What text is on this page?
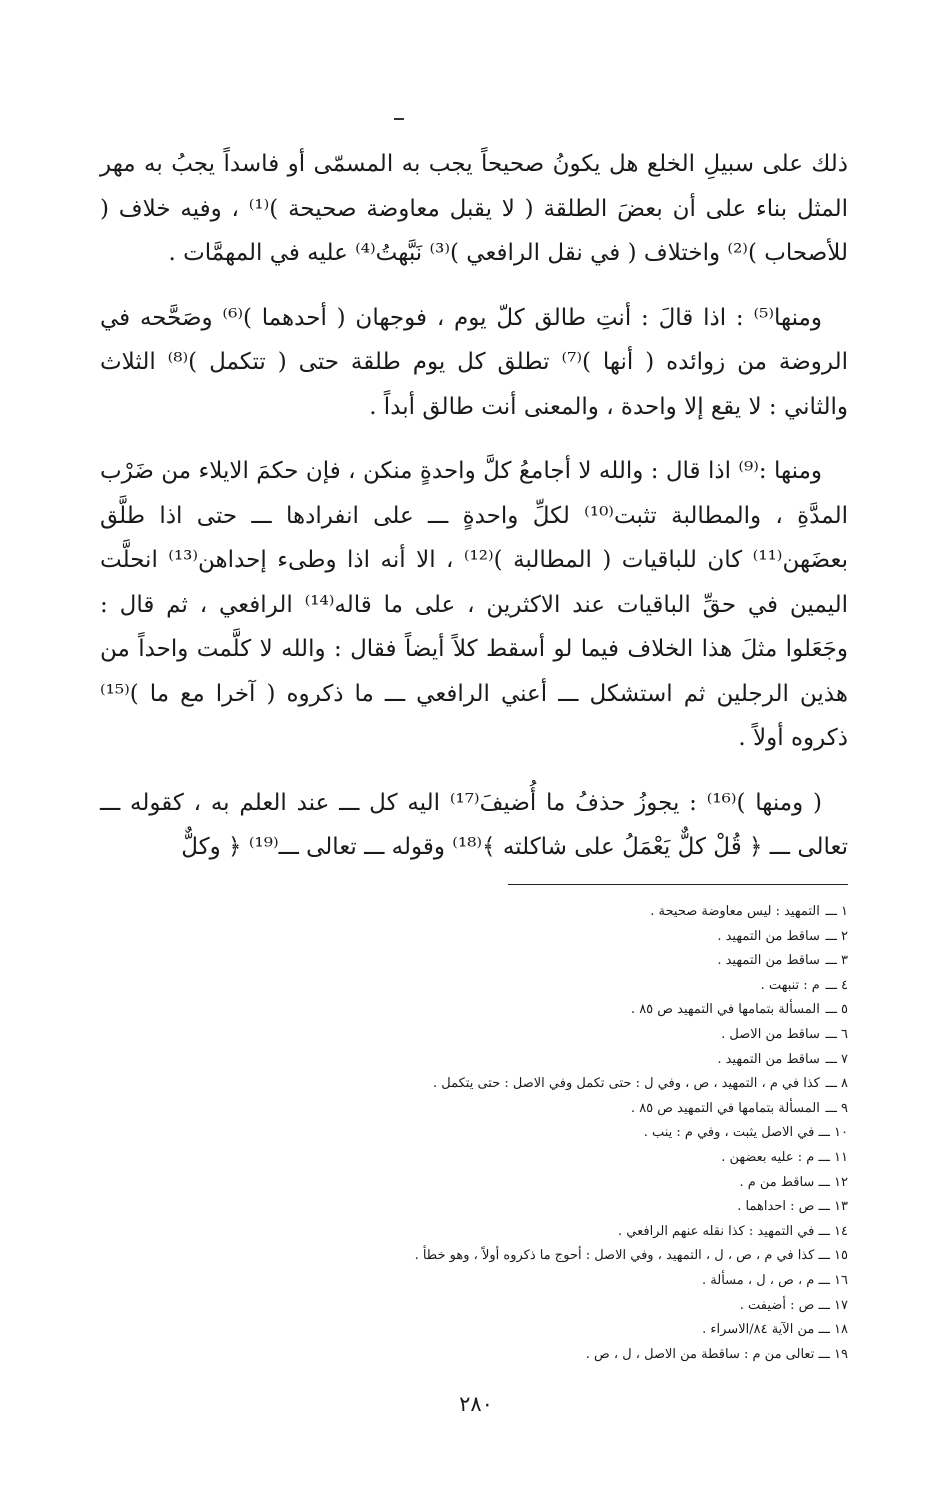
ذلك على سبيلِ الخلع هل يكونُ صحيحاً يجب به المسمّى أو فاسداً يجبُ به مهر المثل بناء على أن بعضَ الطلقة ( لا يقبل معاوضة صحيحة )⁽¹⁾ ، وفيه خلاف ( للأصحاب )⁽²⁾ واختلاف ( في نقل الرافعي )⁽³⁾ نَبَّهتُ⁽⁴⁾ عليه في المهمَّات .

ومنها⁽⁵⁾ : اذا قالَ : أنتِ طالق كلّ يوم ، فوجهان ( أحدهما )⁽⁶⁾ وصَحَّحه في الروضة من زوائده ( أنها )⁽⁷⁾ تطلق كل يوم طلقة حتى ( تتكمل )⁽⁸⁾ الثلاث والثاني : لا يقع إلا واحدة ، والمعنى أنت طالق أبداً .

ومنها :⁽⁹⁾ اذا قال : والله لا أجامعُ كلَّ واحدةٍ منكن ، فإن حكمَ الايلاء من ضَرْب المدَّةِ ، والمطالبة تثبت⁽¹⁰⁾ لكلِّ واحدةٍ ـــ على انفرادها ـــ حتى اذا طلَّق بعضَهن⁽¹¹⁾ كان للباقيات ( المطالبة )⁽¹²⁾ ، الا أنه اذا وطىء إحداهن⁽¹³⁾ انحلَّت اليمين في حقِّ الباقيات عند الاكثرين ، على ما قاله⁽¹⁴⁾ الرافعي ، ثم قال : وجَعَلوا مثلَ هذا الخلاف فيما لو أسقط كلاً أيضاً فقال : والله لا كلَّمت واحداً من هذين الرجلين ثم استشكل ـــ أعني الرافعي ـــ ما ذكروه ( آخرا مع ما )⁽¹⁵⁾ ذكروه أولاً .

( ومنها )⁽¹⁶⁾ : يجوزُ حذفُ ما أُضيفَ⁽¹⁷⁾ اليه كل ـــ عند العلم به ، كقوله ـــ تعالى ـــ ﴿ قُلْ كلٌّ يَعْمَلُ على شاكلته ﴾⁽¹⁸⁾ وقوله ـــ تعالى ـــ⁽¹⁹⁾ ﴿ وكلٌّ

١ ـــ التمهيد : ليس معاوضة صحيحة .
٢ ـــ ساقط من التمهيد .
٣ ـــ ساقط من التمهيد .
٤ ـــ م : تنبهت .
٥ ـــ المسألة بتمامها في التمهيد ص ٨٥ .
٦ ـــ ساقط من الاصل .
٧ ـــ ساقط من التمهيد .
٨ ـــ كذا في م ، التمهيد ، ص ، وفي ل : حتى تكمل وفي الاصل : حتى يتكمل .
٩ ـــ المسألة بتمامها في التمهيد ص ٨٥ .
١٠ ـــ في الاصل يثبت ، وفي م : ينب .
١١ ـــ م : عليه بعضهن .
١٢ ـــ ساقط من م .
١٣ ـــ ص : احداهما .
١٤ ـــ في التمهيد : كذا نقله عنهم الرافعي .
١٥ ـــ كذا في م ، ص ، ل ، التمهيد ، وفي الاصل : أحوج ما ذكروه أولاً ، وهو خطأ .
١٦ ـــ م ، ص ، ل ، مسألة .
١٧ ـــ ص : أضيفت .
١٨ ـــ من الآية ٨٤/الاسراء .
١٩ ـــ تعالى من م : ساقطة من الاصل ، ل ، ص .
٢٨٠
